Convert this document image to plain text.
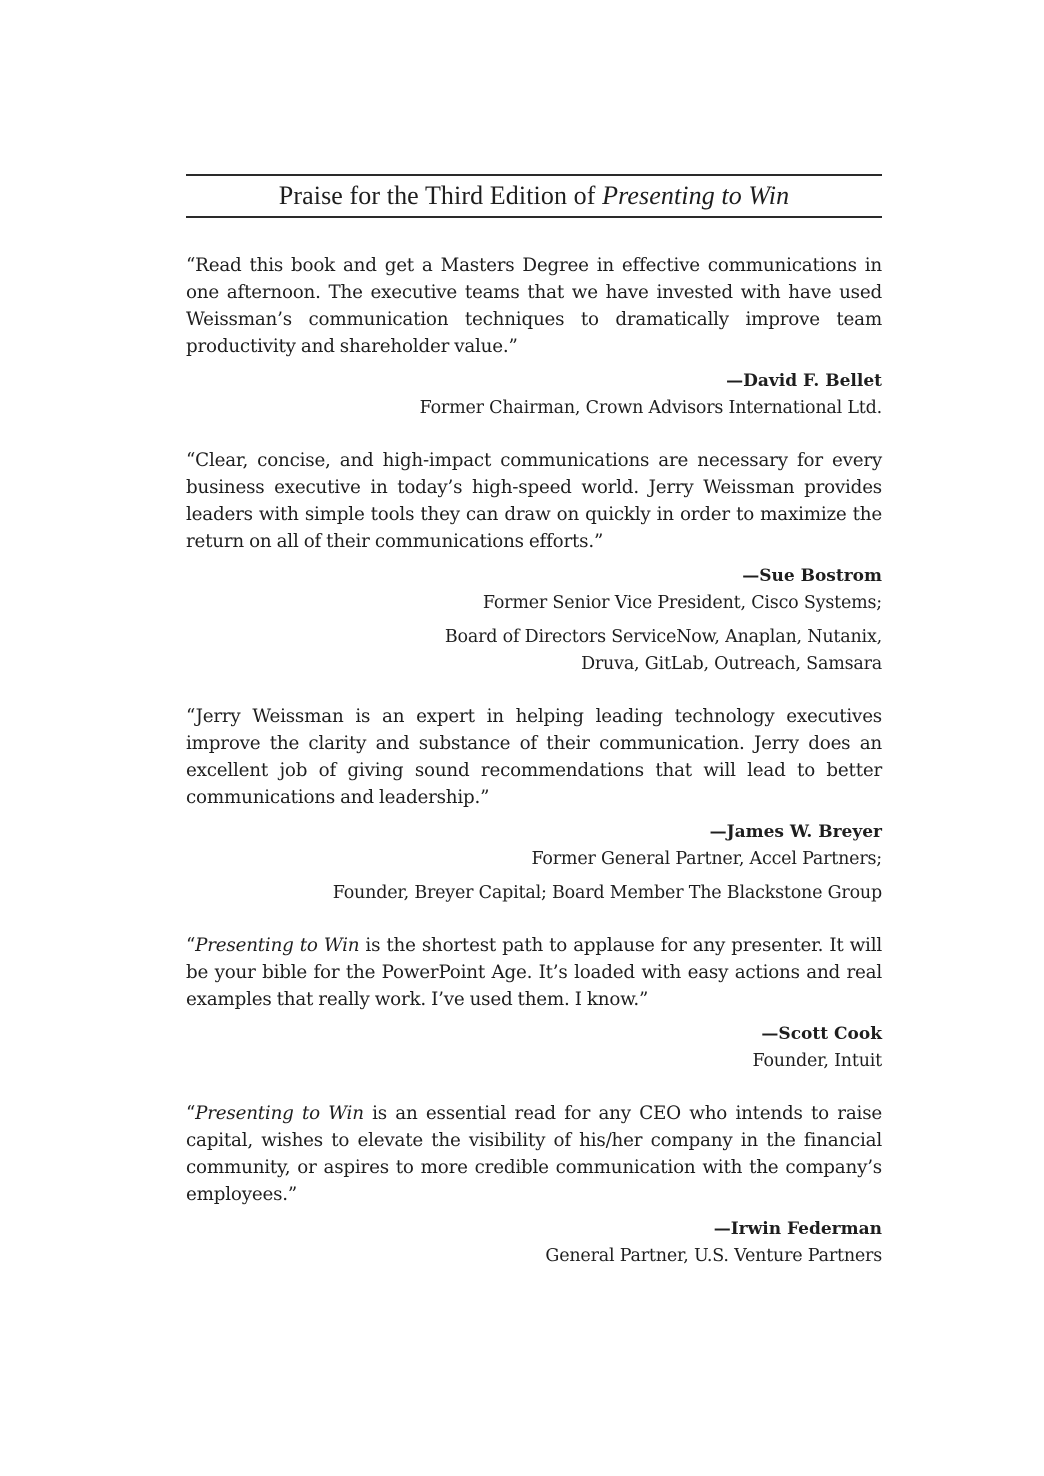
Praise for the Third Edition of Presenting to Win

“Read this book and get a Masters Degree in effective communications in one afternoon. The executive teams that we have invested with have used Weissman’s communication techniques to dramatically improve team productivity and shareholder value.”

—David F. Bellet
Former Chairman, Crown Advisors International Ltd.

“Clear, concise, and high-impact communications are necessary for every business executive in today’s high-speed world. Jerry Weissman provides leaders with simple tools they can draw on quickly in order to maximize the return on all of their communications efforts.”

—Sue Bostrom
Former Senior Vice President, Cisco Systems;
Board of Directors ServiceNow, Anaplan, Nutanix,
Druva, GitLab, Outreach, Samsara

“Jerry Weissman is an expert in helping leading technology executives improve the clarity and substance of their communication. Jerry does an excellent job of giving sound recommendations that will lead to better communications and leadership.”

—James W. Breyer
Former General Partner, Accel Partners;
Founder, Breyer Capital; Board Member The Blackstone Group

“Presenting to Win is the shortest path to applause for any presenter. It will be your bible for the PowerPoint Age. It’s loaded with easy actions and real examples that really work. I’ve used them. I know.”

—Scott Cook
Founder, Intuit

“Presenting to Win is an essential read for any CEO who intends to raise capital, wishes to elevate the visibility of his/her company in the financial community, or aspires to more credible communication with the company’s employees.”

—Irwin Federman
General Partner, U.S. Venture Partners
